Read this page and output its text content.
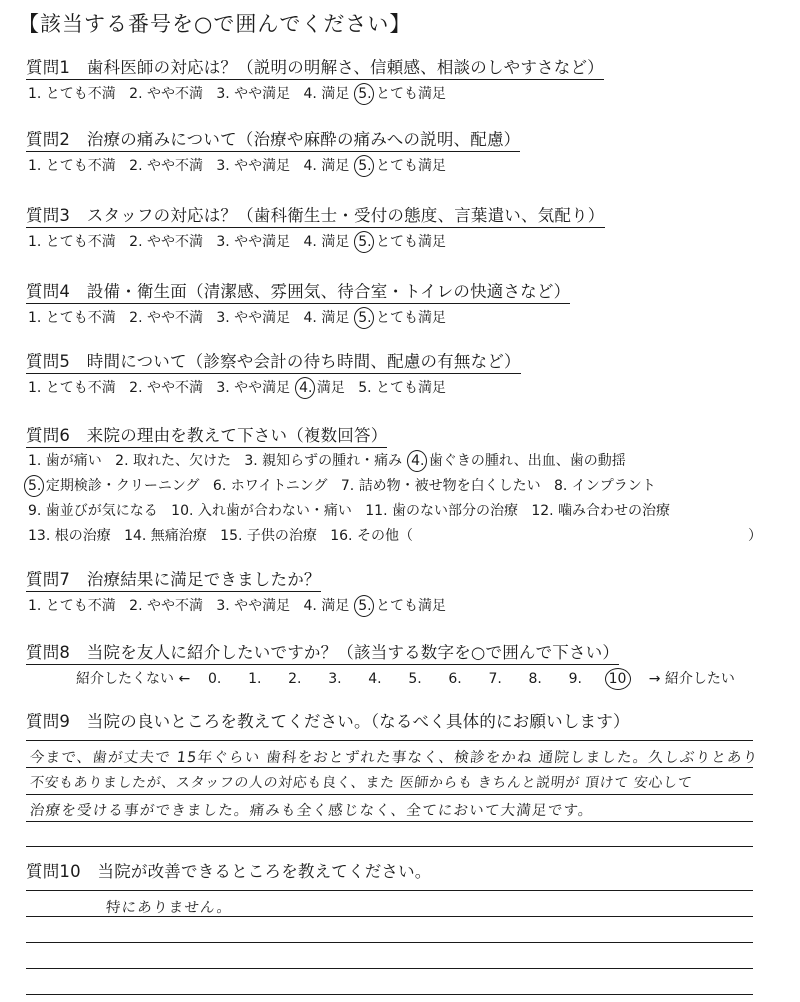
【該当する番号を○で囲んでください】
質問1　歯科医師の対応は？（説明の明解さ、信頼感、相談のしやすさなど）
1. とても不満 2. やや不満 3. やや満足 4. 満足 5. とても満足
質問2　治療の痛みについて（治療や麻酔の痛みへの説明、配慮）
1. とても不満 2. やや不満 3. やや満足 4. 満足 5. とても満足
質問3　スタッフの対応は？（歯科衛生士・受付の態度、言葉遣い、気配り）
1. とても不満 2. やや不満 3. やや満足 4. 満足 5. とても満足
質問4　設備・衛生面（清潔感、雰囲気、待合室・トイレの快適さなど）
1. とても不満 2. やや不満 3. やや満足 4. 満足 5. とても満足
質問5　時間について（診察や会計の待ち時間、配慮の有無など）
1. とても不満 2. やや不満 3. やや満足 4. 満足 5. とても満足
質問6　来院の理由を教えて下さい（複数回答）
1. 歯が痛い 2. 取れた、欠けた 3. 親知らずの腫れ・痛み 4. 歯ぐきの腫れ、出血、歯の動揺
5. 定期検診・クリーニング 6. ホワイトニング 7. 詰め物・被せ物を白くしたい 8. インプラント
9. 歯並びが気になる 10. 入れ歯が合わない・痛い 11. 歯のない部分の治療 12. 噛み合わせの治療
13. 根の治療 14. 無痛治療 15. 子供の治療 16. その他（	）
質問7　治療結果に満足できましたか？
1. とても不満 2. やや不満 3. やや満足 4. 満足 5. とても満足
質問8　当院を友人に紹介したいですか？（該当する数字を○で囲んで下さい）
紹介したくない ← 0. 1. 2. 3. 4. 5. 6. 7. 8. 9. 10 → 紹介したい
質問9　当院の良いところを教えてください。（なるべく具体的にお願いします）
今まで、歯が丈夫で 15年ぐらい 歯科をおとずれた事なく、検診をかね 通院しました。久しぶりとあり
不安もありましたが、スタッフの人の対応も良く、また 医師からも きちんと説明が 頂けて 安心して
治療を受ける事ができました。痛みも全く感じなく、全てにおいて大満足です。
質問10　当院が改善できるところを教えてください。
特にありません。
